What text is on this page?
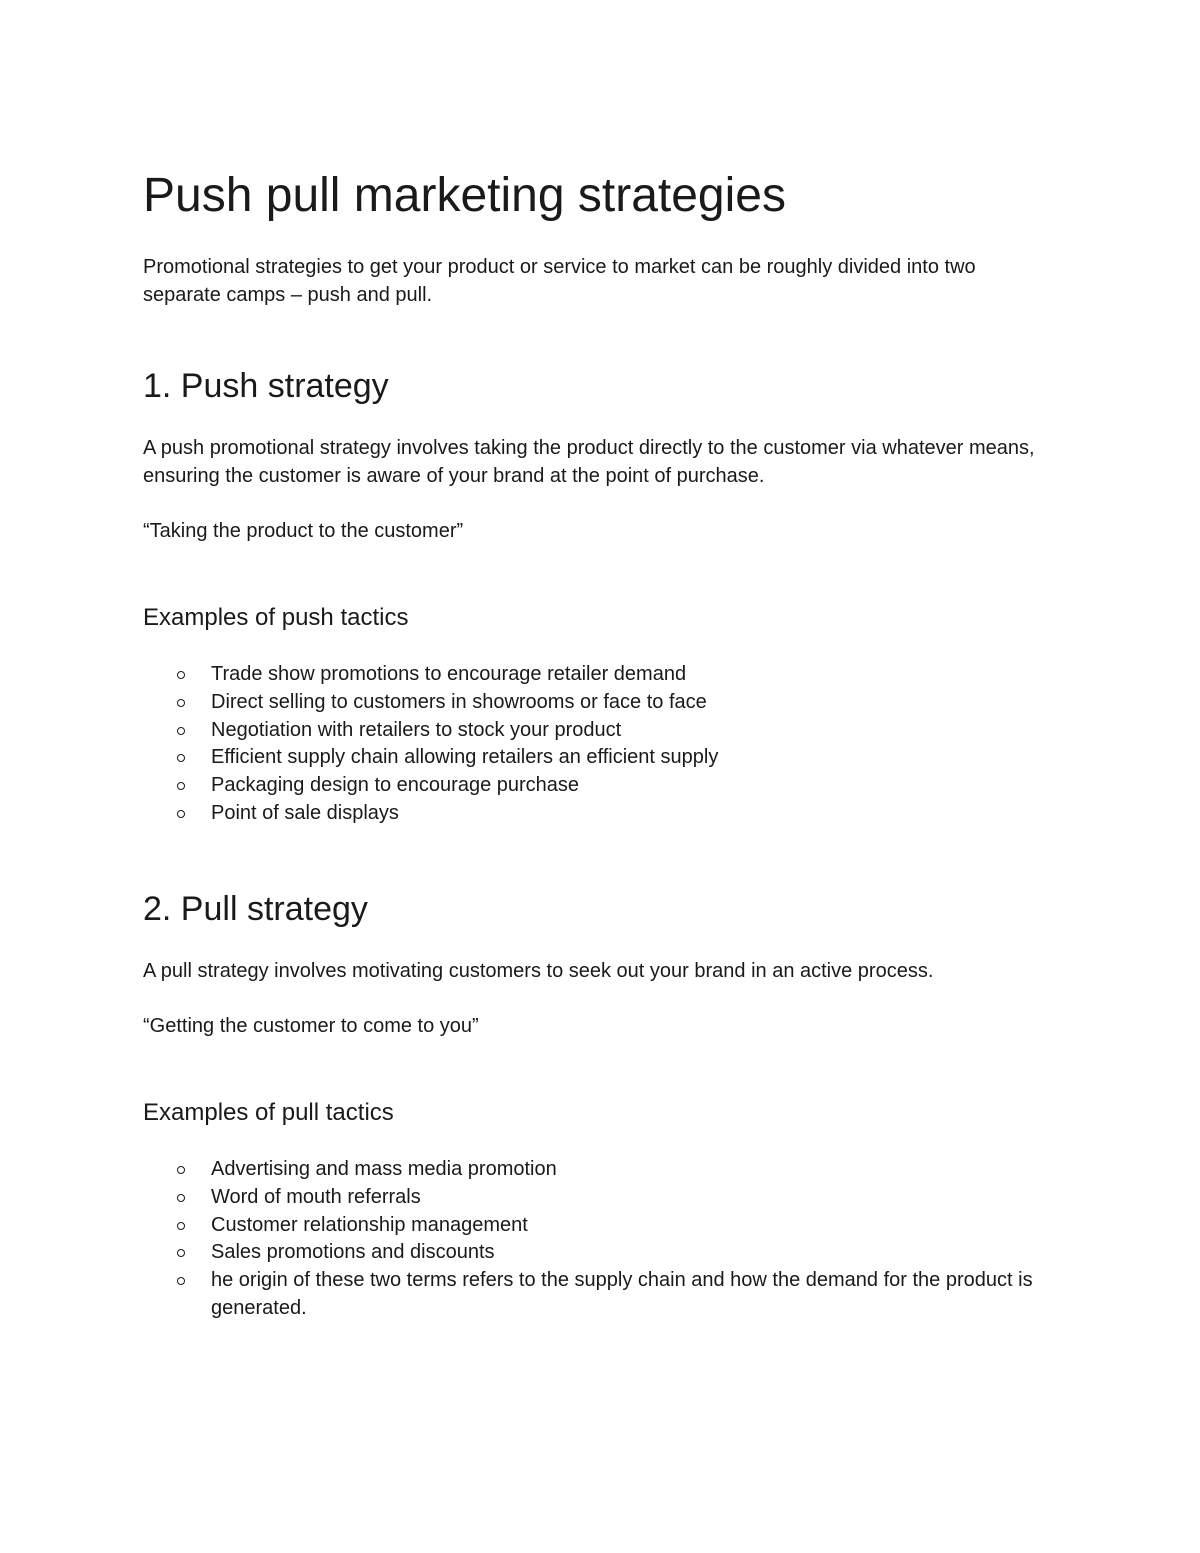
Push pull marketing strategies

Promotional strategies to get your product or service to market can be roughly divided into two separate camps – push and pull.

1. Push strategy

A push promotional strategy involves taking the product directly to the customer via whatever means, ensuring the customer is aware of your brand at the point of purchase.

“Taking the product to the customer”

Examples of push tactics
Trade show promotions to encourage retailer demand
Direct selling to customers in showrooms or face to face
Negotiation with retailers to stock your product
Efficient supply chain allowing retailers an efficient supply
Packaging design to encourage purchase
Point of sale displays
2. Pull strategy

A pull strategy involves motivating customers to seek out your brand in an active process.

“Getting the customer to come to you”

Examples of pull tactics
Advertising and mass media promotion
Word of mouth referrals
Customer relationship management
Sales promotions and discounts
he origin of these two terms refers to the supply chain and how the demand for the product is generated.
